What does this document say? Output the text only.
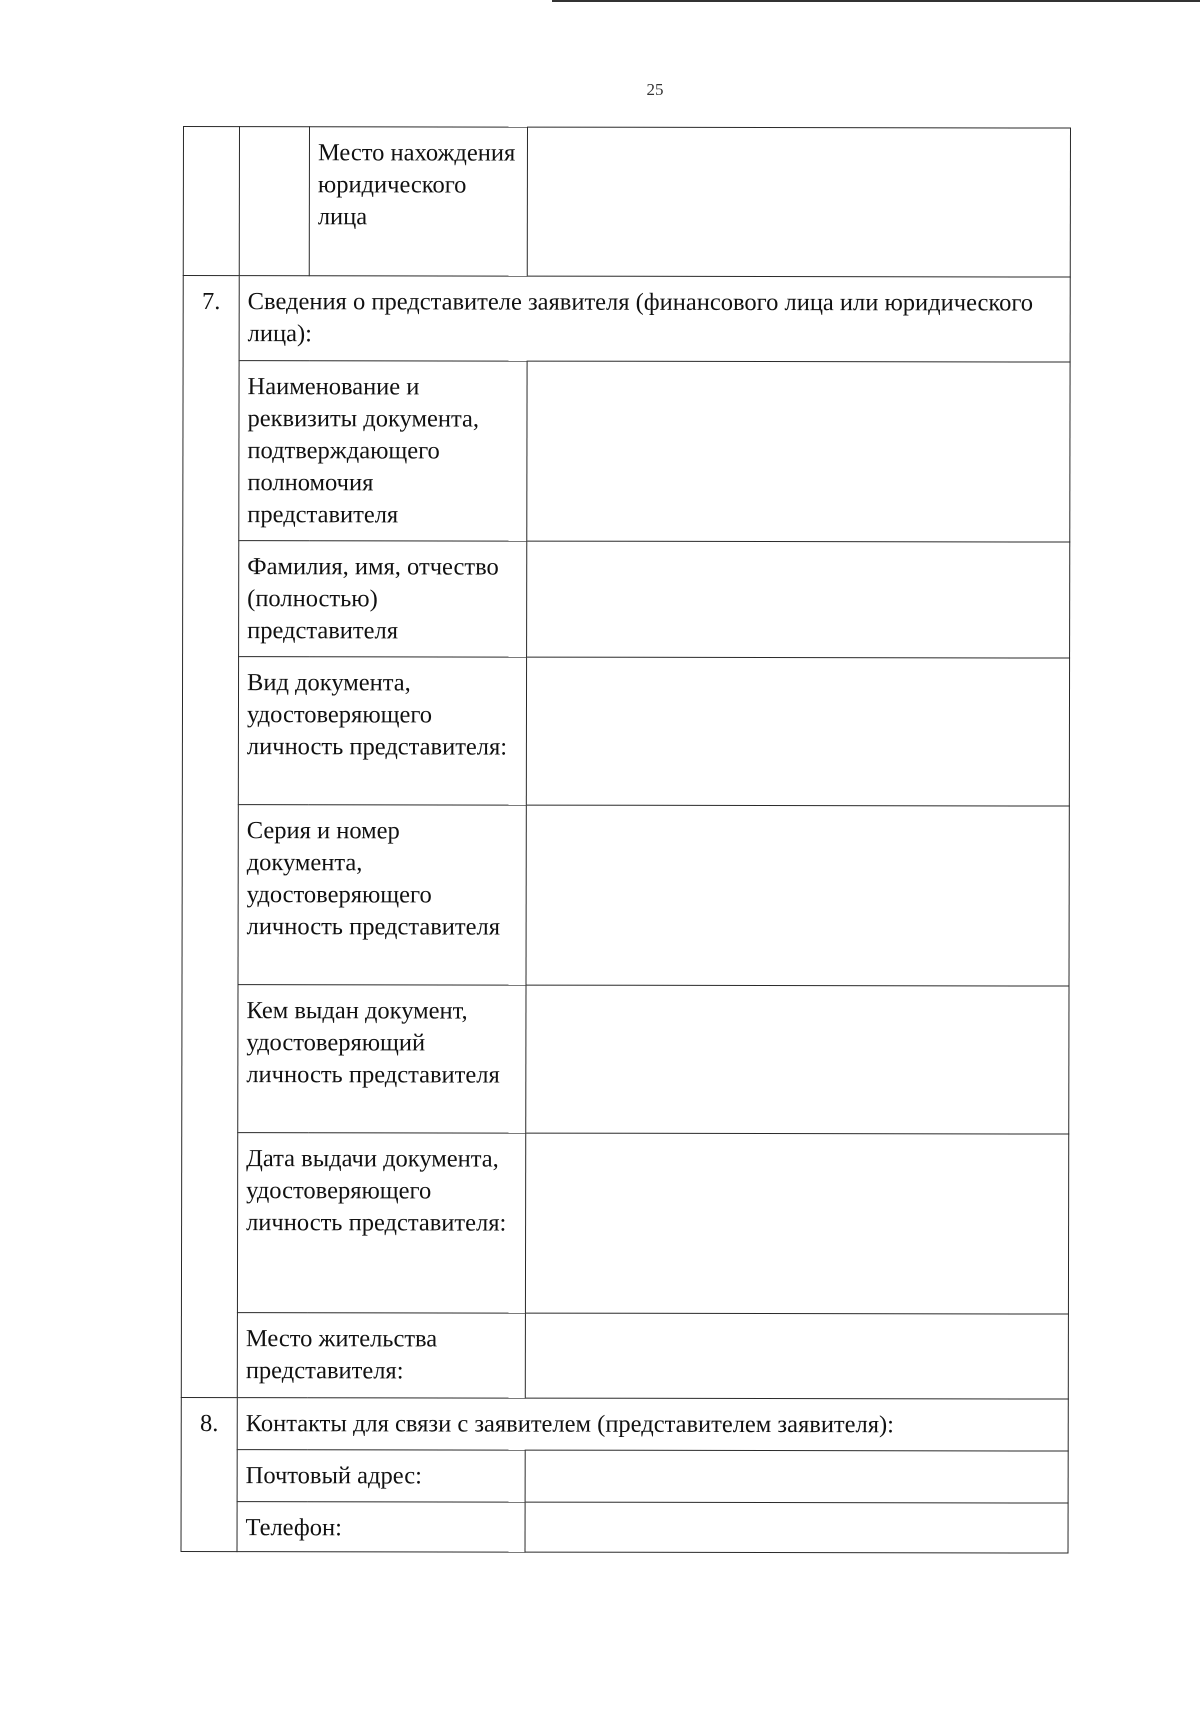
25
		Место нахождения юридического лица	
7.	Сведения о представителе заявителя (финансового лица или юридического лица):		
	Наименование и реквизиты документа, подтверждающего полномочия представителя		
	Фамилия, имя, отчество (полностью) представителя		
	Вид документа, удостоверяющего личность представителя:		
	Серия и номер документа, удостоверяющего личность представителя		
	Кем выдан документ, удостоверяющий личность представителя		
	Дата выдачи документа, удостоверяющего личность представителя:		
	Место жительства представителя:		
8.	Контакты для связи с заявителем (представителем заявителя):		
	Почтовый адрес:		
	Телефон:		
